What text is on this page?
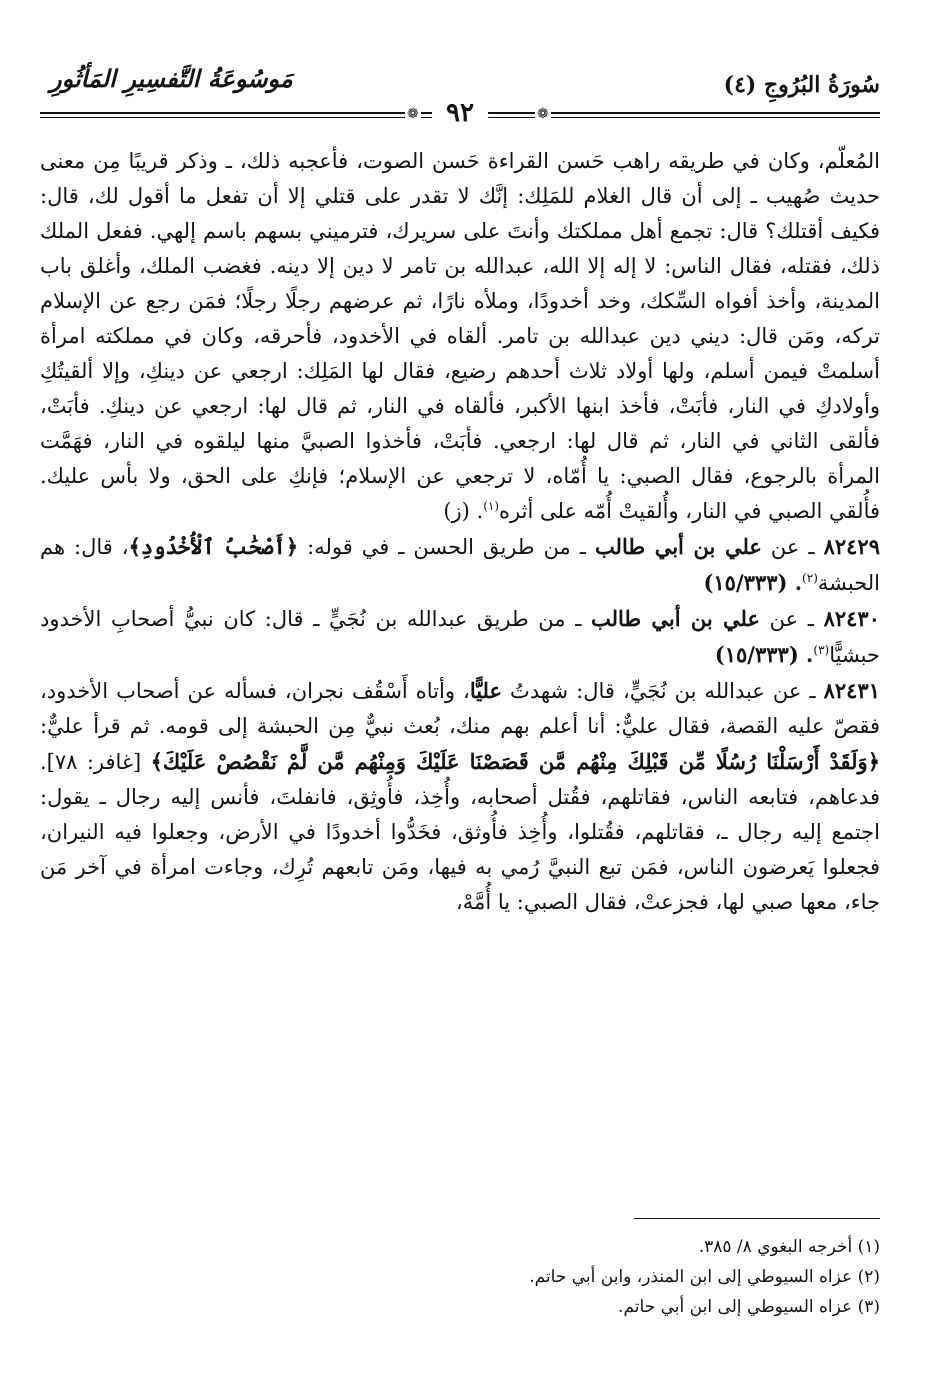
سُورَةُ البُرُوجِ (٤)
مَوسُوعَةُ التَّفسِيرِ المَأثُورِ
❁	❁
٩٢

المُعلّم، وكان في طريقه راهب حَسن القراءة حَسن الصوت، فأعجبه ذلك، ـ وذكر قريبًا مِن معنى حديث صُهيب ـ إلى أن قال الغلام للمَلِك: إنَّك لا تقدر على قتلي إلا أن تفعل ما أقول لك، قال: فكيف أقتلك؟ قال: تجمع أهل مملكتك وأنتَ على سريرك، فترميني بسهم باسم إلهي. ففعل الملك ذلك، فقتله، فقال الناس: لا إله إلا الله، عبدالله بن تامر لا دين إلا دينه. فغضب الملك، وأغلق باب المدينة، وأخذ أفواه السِّكك، وخد أخدودًا، وملأه نارًا، ثم عرضهم رجلًا رجلًا؛ فمَن رجع عن الإسلام تركه، ومَن قال: ديني دين عبدالله بن تامر. ألقاه في الأخدود، فأحرقه، وكان في مملكته امرأة أسلمتْ فيمن أسلم، ولها أولاد ثلاث أحدهم رضيع، فقال لها المَلِك: ارجعي عن دينكِ، وإلا ألقيتُكِ وأولادكِ في النار، فأبَتْ، فأخذ ابنها الأكبر، فألقاه في النار، ثم قال لها: ارجعي عن دينكِ. فأبَتْ، فألقى الثاني في النار، ثم قال لها: ارجعي. فأبَتْ، فأخذوا الصبيَّ منها ليلقوه في النار، فهَمَّت المرأة بالرجوع، فقال الصبي: يا أُمّاه، لا ترجعي عن الإسلام؛ فإنكِ على الحق، ولا بأس عليك. فأُلقي الصبي في النار، وأُلقيتْ أُمّه على أثره$^{(١)}$. (ز)

٨٢٤٢٩ ـ عن علي بن أبي طالب ـ من طريق الحسن ـ في قوله: ﴿أَصْحَٰبُ ٱلْأُخْدُودِ﴾، قال: هم الحبشة$^{(٢)}$. (١٥/٣٣٣)

٨٢٤٣٠ ـ عن علي بن أبي طالب ـ من طريق عبدالله بن نُجَيٍّ ـ قال: كان نبيُّ أصحابِ الأخدود حبشيًّا$^{(٣)}$. (١٥/٣٣٣)

٨٢٤٣١ ـ عن عبدالله بن نُجَيٍّ، قال: شهدتُ عليًّا، وأتاه أَسْقُف نجران، فسأله عن أصحاب الأخدود، فقصّ عليه القصة، فقال عليٌّ: أنا أعلم بهم منك، بُعث نبيٌّ مِن الحبشة إلى قومه. ثم قرأ عليٌّ: ﴿وَلَقَدْ أَرْسَلْنَا رُسُلًا مِّن قَبْلِكَ مِنْهُم مَّن قَصَصْنَا عَلَيْكَ وَمِنْهُم مَّن لَّمْ نَقْصُصْ عَلَيْكَ﴾ [غافر: ٧٨]. فدعاهم، فتابعه الناس، فقاتلهم، فقُتل أصحابه، وأُخِذ، فأُوثِق، فانفلتَ، فأنس إليه رجال ـ يقول: اجتمع إليه رجال ـ، فقاتلهم، فقُتلوا، وأُخِذ فأُوثق، فخَدُّوا أخدودًا في الأرض، وجعلوا فيه النيران، فجعلوا يَعرضون الناس، فمَن تبع النبيَّ رُمي به فيها، ومَن تابعهم تُرِك، وجاءت امرأة في آخر مَن جاء، معها صبي لها، فجزعتْ، فقال الصبي: يا أُمَّهْ،

(١) أخرجه البغوي ٨/ ٣٨٥.

(٢) عزاه السيوطي إلى ابن المنذر، وابن أبي حاتم.

(٣) عزاه السيوطي إلى ابن أبي حاتم.
